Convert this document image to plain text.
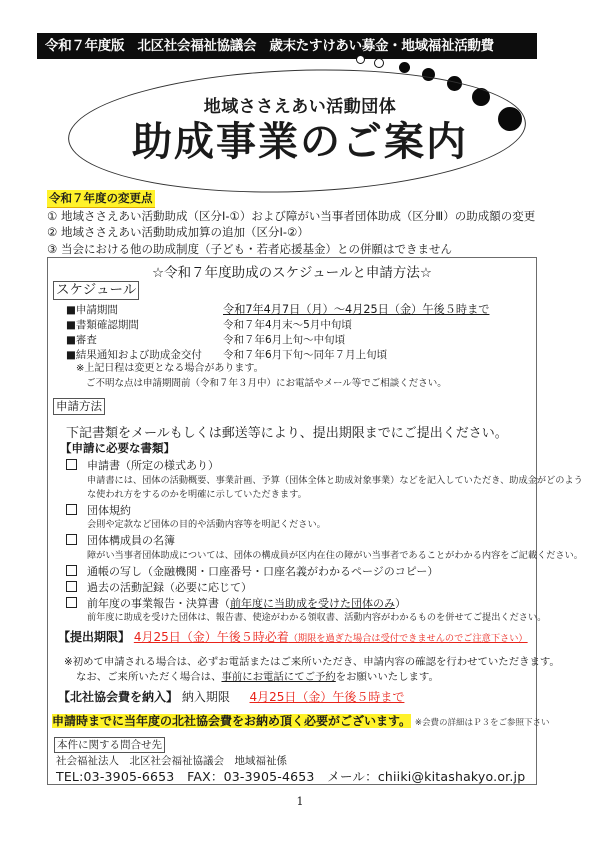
令和７年度版　北区社会福祉協議会　歳末たすけあい募金・地域福祉活動費
地域ささえあい活動団体
助成事業のご案内
令和７年度の変更点
① 地域ささえあい活動助成（区分Ⅰ-①）および障がい当事者団体助成（区分Ⅲ）の助成額の変更
② 地域ささえあい活動助成加算の追加（区分Ⅰ-②）
③ 当会における他の助成制度（子ども・若者応援基金）との併願はできません
☆令和７年度助成のスケジュールと申請方法☆
スケジュール
■申請期間	令和7年4月7日（月）～4月25日（金）午後５時まで
■書類確認期間	令和７年4月末～5月中旬頃
■審査	令和７年6月上旬～中旬頃
■結果通知および助成金交付 令和７年6月下旬～同年７月上旬頃
※上記日程は変更となる場合があります。
ご不明な点は申請期間前（令和７年３月中）にお電話やメール等でご相談ください。
申請方法
下記書類をメールもしくは郵送等により、提出期限までにご提出ください。
【申請に必要な書類】
申請書（所定の様式あり）
申請書には、団体の活動概要、事業計画、予算（団体全体と助成対象事業）などを記入していただき、助成金がどのよう
な使われ方をするのかを明確に示していただきます。
団体規約
会則や定款など団体の目的や活動内容等を明記ください。
団体構成員の名簿
障がい当事者団体助成については、団体の構成員が区内在住の障がい当事者であることがわかる内容をご記載ください。
通帳の写し（金融機関・口座番号・口座名義がわかるページのコピー）
過去の活動記録（必要に応じて）
前年度の事業報告・決算書（前年度に当助成を受けた団体のみ）
前年度に助成を受けた団体は、報告書、使途がわかる領収書、活動内容がわかるものを併せてご提出ください。
【提出期限】 4月25日（金）午後５時必着（期限を過ぎた場合は受付できませんのでご注意下さい）
※初めて申請される場合は、必ずお電話またはご来所いただき、申請内容の確認を行わせていただきます。
なお、ご来所いただく場合は、事前にお電話にてご予約をお願いいたします。
【北社協会費を納入】 納入期限 4月25日（金）午後５時まで
申請時までに当年度の北社協会費をお納め頂く必要がございます。 ※会費の詳細はＰ３をご参照下さい
本件に関する問合せ先
社会福祉法人　北区社会福祉協議会　地域福祉係
TEL:03-3905-6653　FAX：03-3905-4653　メール：chiiki@kitashakyo.or.jp
1
